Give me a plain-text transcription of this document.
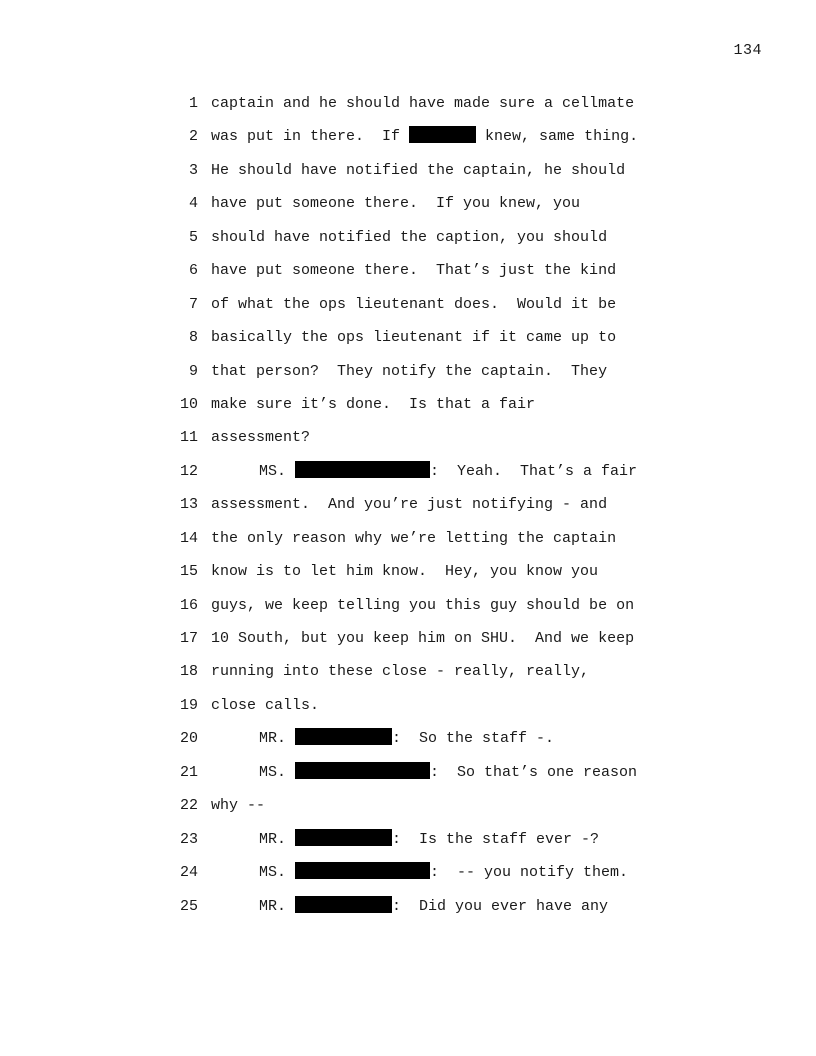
134
1 captain and he should have made sure a cellmate
2 was put in there.  If	knew, same thing.
3 He should have notified the captain, he should
4 have put someone there.  If you knew, you
5 should have notified the caption, you should
6 have put someone there.  That’s just the kind
7 of what the ops lieutenant does.  Would it be
8 basically the ops lieutenant if it came up to
9 that person?  They notify the captain.  They
10 make sure it’s done.  Is that a fair
11 assessment?
12	MS.	:  Yeah.  That’s a fair
13 assessment.  And you’re just notifying - and
14 the only reason why we’re letting the captain
15 know is to let him know.  Hey, you know you
16 guys, we keep telling you this guy should be on
17 10 South, but you keep him on SHU.  And we keep
18 running into these close - really, really,
19 close calls.
20	MR.	:  So the staff -.
21	MS.	:  So that’s one reason
22 why --
23	MR.	:  Is the staff ever -?
24	MS.	:  -- you notify them.
25	MR.	:  Did you ever have any
